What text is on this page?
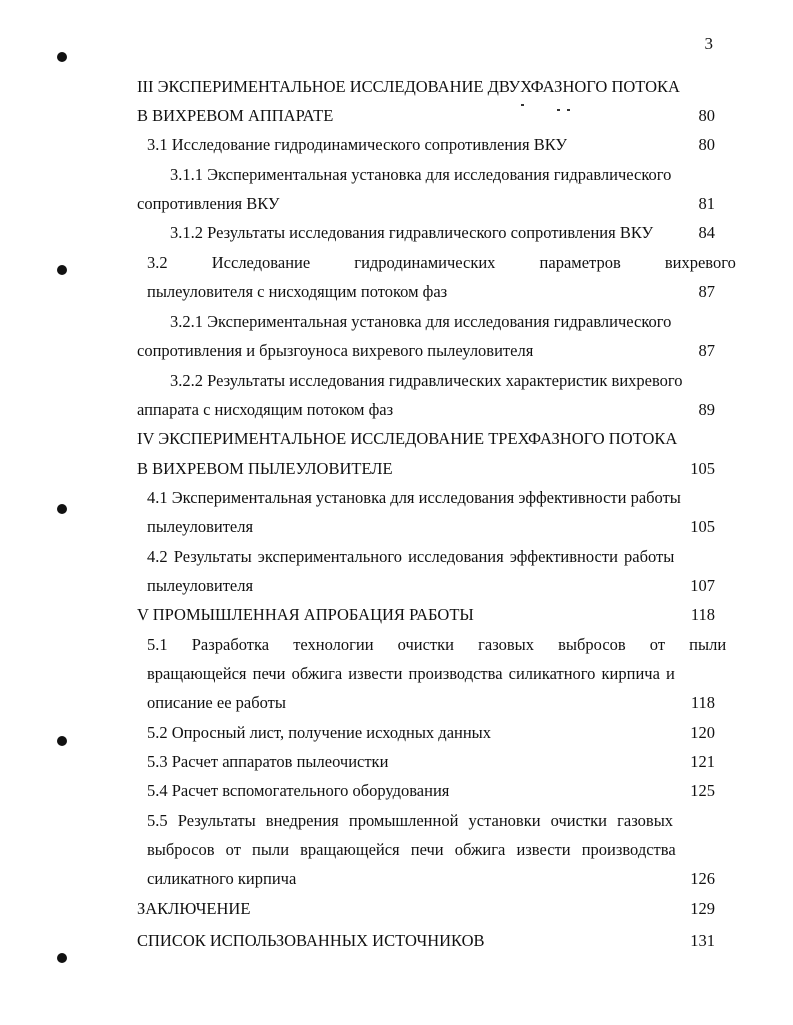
3
III ЭКСПЕРИМЕНТАЛЬНОЕ ИССЛЕДОВАНИЕ ДВУХФАЗНОГО ПОТОКА
В ВИХРЕВОМ АППАРАТЕ	80
3.1 Исследование гидродинамического сопротивления ВКУ	80
3.1.1 Экспериментальная установка для исследования гидравлического
сопротивления ВКУ	81
3.1.2 Результаты исследования гидравлического сопротивления ВКУ	84
3.2 Исследование гидродинамических параметров вихревого
пылеуловителя с нисходящим потоком фаз	87
3.2.1 Экспериментальная установка для исследования гидравлического
сопротивления и брызгоуноса вихревого пылеуловителя	87
3.2.2 Результаты исследования гидравлических характеристик вихревого
аппарата с нисходящим потоком фаз	89
IV ЭКСПЕРИМЕНТАЛЬНОЕ ИССЛЕДОВАНИЕ ТРЕХФАЗНОГО ПОТОКА
В ВИХРЕВОМ ПЫЛЕУЛОВИТЕЛЕ	105
4.1 Экспериментальная установка для исследования эффективности работы
пылеуловителя	105
4.2 Результаты экспериментального исследования эффективности работы
пылеуловителя	107
V ПРОМЫШЛЕННАЯ АПРОБАЦИЯ РАБОТЫ	118
5.1 Разработка технологии очистки газовых выбросов от пыли
вращающейся печи обжига извести производства силикатного кирпича и
описание ее работы	118
5.2 Опросный лист, получение исходных данных	120
5.3 Расчет аппаратов пылеочистки	121
5.4 Расчет вспомогательного оборудования	125
5.5 Результаты внедрения промышленной установки очистки газовых
выбросов от пыли вращающейся печи обжига извести производства
силикатного кирпича	126
ЗАКЛЮЧЕНИЕ	129
СПИСОК ИСПОЛЬЗОВАННЫХ ИСТОЧНИКОВ	131
